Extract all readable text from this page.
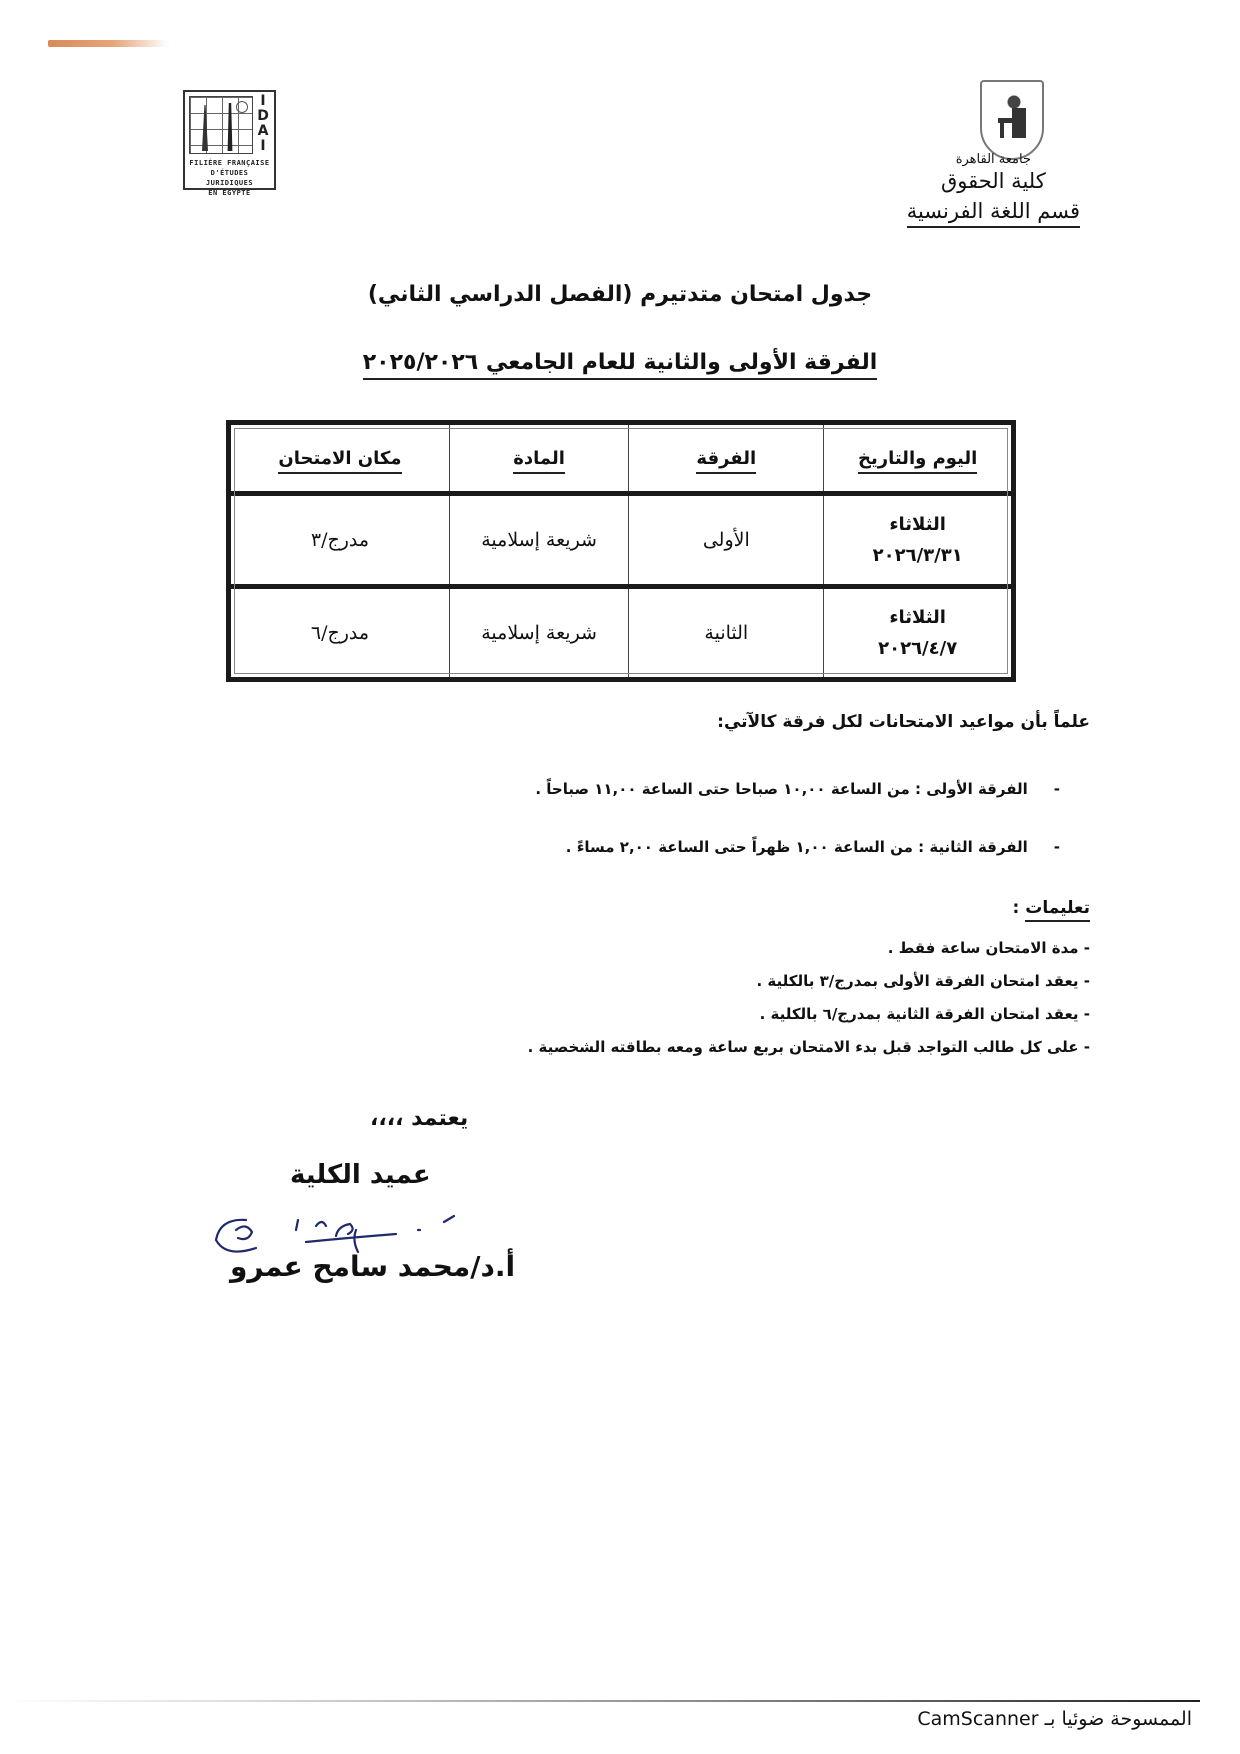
I
D
A
I
FILIÈRE FRANÇAISE
D'ÉTUDES JURIDIQUES
EN ÉGYPTE
جامعة القاهرة
كلية الحقوق
قسم اللغة الفرنسية
جدول امتحان متدتيرم (الفصل الدراسي الثاني)
الفرقة الأولى والثانية للعام الجامعي ٢٠٢٥/٢٠٢٦
اليوم والتاريخ	الفرقة	المادة	مكان الامتحان

الثلاثاء
٢٠٢٦/٣/٣١	الأولى	شريعة إسلامية	مدرج/٣

الثلاثاء
٢٠٢٦/٤/٧	الثانية	شريعة إسلامية	مدرج/٦
علماً بأن مواعيد الامتحانات لكل فرقة كالآتي:
-الفرقة الأولى : من الساعة ١٠,٠٠ صباحا حتى الساعة ١١,٠٠ صباحاً .
-الفرقة الثانية : من الساعة ١,٠٠ ظهراً حتى الساعة ٢,٠٠ مساءً .
تعليمات :
- مدة الامتحان ساعة فقط .
- يعقد امتحان الفرقة الأولى بمدرج/٣ بالكلية .
- يعقد امتحان الفرقة الثانية بمدرج/٦ بالكلية .
- على كل طالب التواجد قبل بدء الامتحان بربع ساعة ومعه بطاقته الشخصية .
يعتمد ،،،،
عميد الكلية
أ.د/محمد سامح عمرو
الممسوحة ضوئيا بـ CamScanner
